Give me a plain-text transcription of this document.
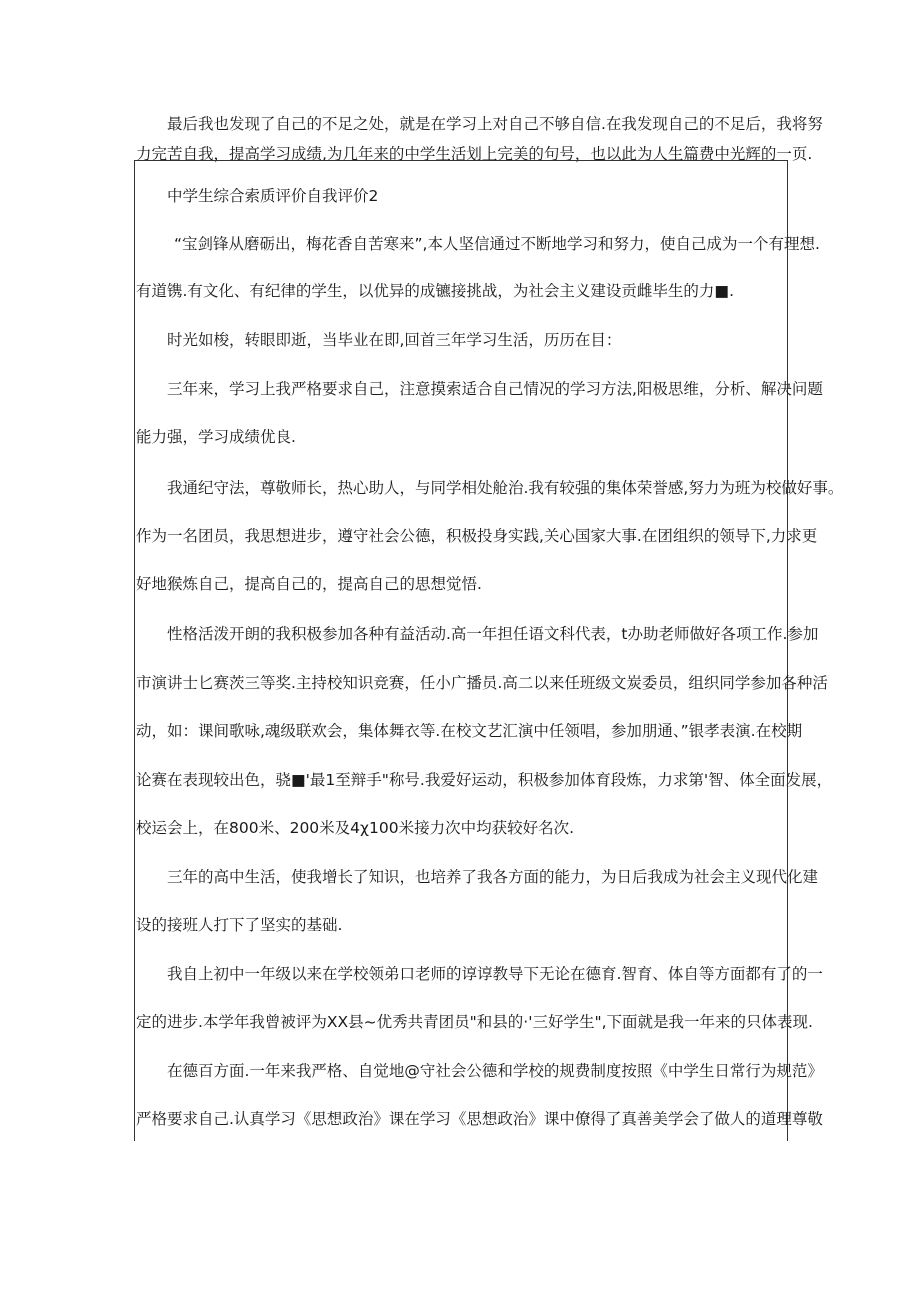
最后我也发现了自己的不足之处，就是在学习上对自己不够自信.在我发现自己的不足后，我将努
力完苦自我，提高学习成绩,为几年来的中学生活划上完美的句号，也以此为人生篇费中光辉的一页.

中学生综合索质评价自我评价2

“宝剑锋从磨砺出，梅花香自苦寒来”,本人坚信通过不断地学习和努力，使自己成为一个有理想.

有道镌.有文化、有纪律的学生，以优异的成镳接挑战，为社会主义建设贡雌毕生的力■.

时光如梭，转眼即逝，当毕业在即,回首三年学习生活，历历在目：

三年来，学习上我严格要求自己，注意摸索适合自己情况的学习方法,阳极思维，分析、解决问题

能力强，学习成绩优良.

我通纪守法，尊敬师长，热心助人，与同学相处舱治.我有较强的集体荣誉感,努力为班为校做好事。

作为一名团员，我思想进步，遵守社会公德，积极投身实践,关心国家大事.在团组织的领导下,力求更

好地猴炼自己，提高自己的，提高自己的思想觉悟.

性格活泼开朗的我积极参加各种有益活动.高一年担任语文科代表，t办助老师做好各项工作.参加

市演讲士匕赛茨三等奖.主持校知识竞赛，任小广播员.高二以来任班级文炭委员，组织同学参加各种活

动，如：课间歌咏,魂级联欢会，集体舞衣等.在校文艺汇演中任领唱，参加朋通、”银孝表演.在校期

论赛在表现较出色，骁■'最1至辩手"称号.我爱好运动，积极参加体育段炼，力求第'智、体全面发展，

校运会上，在800米、200米及4χ100米接力次中均获较好名次.

三年的高中生活，使我增长了知识，也培养了我各方面的能力，为日后我成为社会主义现代化建

设的接班人打下了坚实的基础.

我自上初中一年级以来在学校领弟口老师的谆谆教导下无论在德育.智育、体自等方面都有了的一

定的进步.本学年我曾被评为XX县~优秀共青团员"和县的·'三好学生",下面就是我一年来的只体表现.

在德百方面.一年来我严格、自觉地@守社会公德和学校的规费制度按照《中学生日常行为规范》

严格要求自己.认真学习《思想政治》课在学习《思想政治》课中僚得了真善美学会了做人的道理尊敬
